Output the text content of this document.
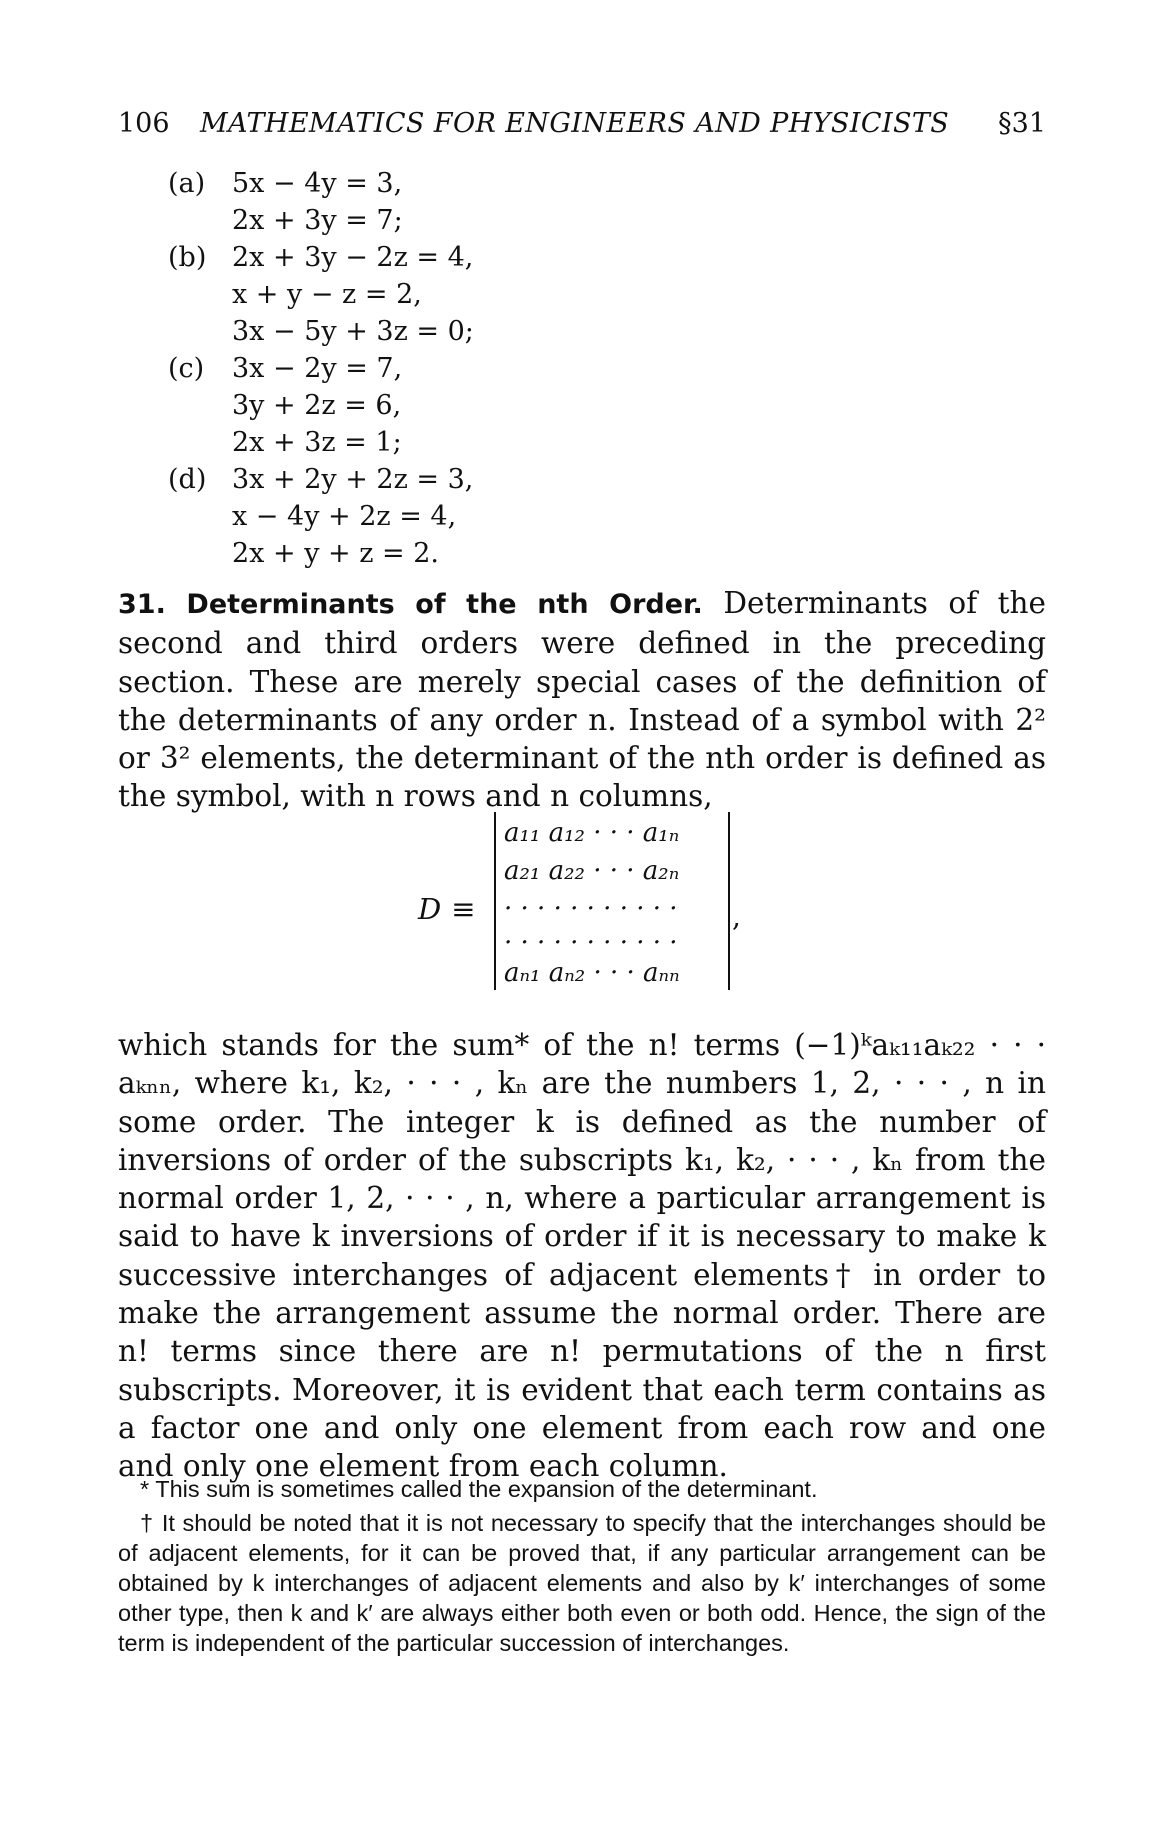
106 MATHEMATICS FOR ENGINEERS AND PHYSICISTS §31
(a) 5x − 4y = 3,
2x + 3y = 7;
(b) 2x + 3y − 2z = 4,
x + y − z = 2,
3x − 5y + 3z = 0;
(c) 3x − 2y = 7,
3y + 2z = 6,
2x + 3z = 1;
(d) 3x + 2y + 2z = 3,
x − 4y + 2z = 4,
2x + y + z = 2.

31. Determinants of the nth Order. Determinants of the second and third orders were defined in the preceding section. These are merely special cases of the definition of the determinants of any order n. Instead of a symbol with 2² or 3² elements, the determinant of the nth order is defined as the symbol, with n rows and n columns,

D ≡
a₁₁ a₁₂ · · · a₁ₙ
a₂₁ a₂₂ · · · a₂ₙ
· · · · · · · · · · ·
· · · · · · · · · · ·
aₙ₁ aₙ₂ · · · aₙₙ
,

which stands for the sum* of the n! terms (−1)ᵏaₖ₁₁aₖ₂₂ · · · aₖₙₙ, where k₁, k₂, · · · , kₙ are the numbers 1, 2, · · · , n in some order. The integer k is defined as the number of inversions of order of the subscripts k₁, k₂, · · · , kₙ from the normal order 1, 2, · · · , n, where a particular arrangement is said to have k inversions of order if it is necessary to make k successive interchanges of adjacent elements† in order to make the arrangement assume the normal order. There are n! terms since there are n! permutations of the n first subscripts. Moreover, it is evident that each term contains as a factor one and only one element from each row and one and only one element from each column.

* This sum is sometimes called the expansion of the determinant.

† It should be noted that it is not necessary to specify that the interchanges should be of adjacent elements, for it can be proved that, if any particular arrangement can be obtained by k interchanges of adjacent elements and also by k′ interchanges of some other type, then k and k′ are always either both even or both odd. Hence, the sign of the term is independent of the particular succession of interchanges.
